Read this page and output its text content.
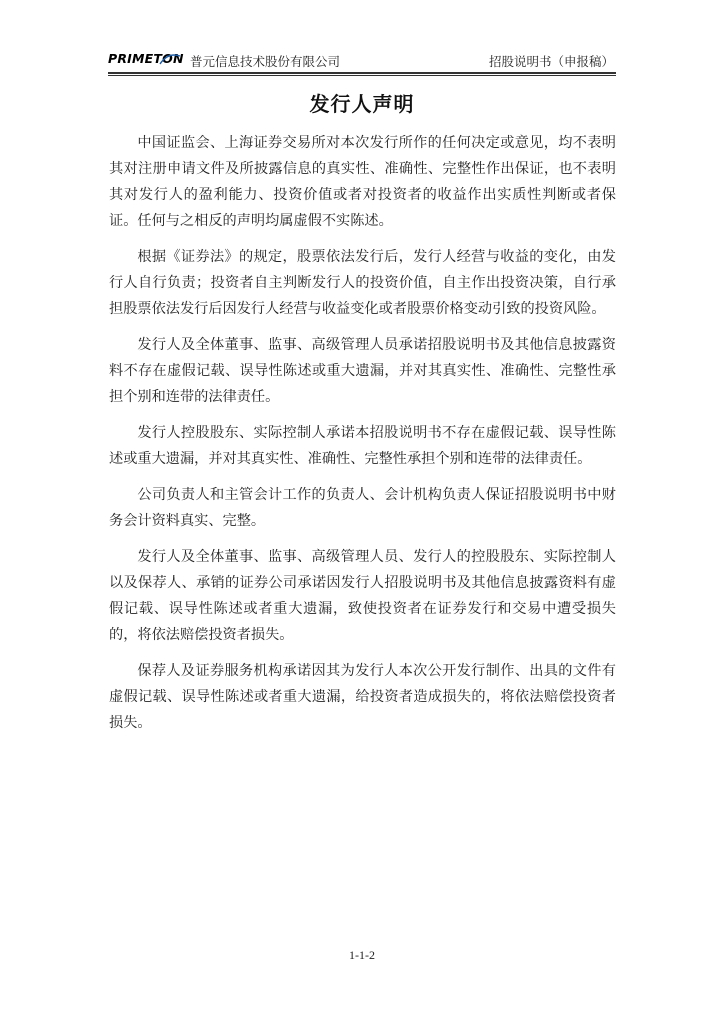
PRIMETON 普元信息技术股份有限公司	招股说明书（申报稿）
发行人声明

中国证监会、上海证券交易所对本次发行所作的任何决定或意见，均不表明其对注册申请文件及所披露信息的真实性、准确性、完整性作出保证，也不表明其对发行人的盈利能力、投资价值或者对投资者的收益作出实质性判断或者保证。任何与之相反的声明均属虚假不实陈述。

根据《证券法》的规定，股票依法发行后，发行人经营与收益的变化，由发行人自行负责；投资者自主判断发行人的投资价值，自主作出投资决策，自行承担股票依法发行后因发行人经营与收益变化或者股票价格变动引致的投资风险。

发行人及全体董事、监事、高级管理人员承诺招股说明书及其他信息披露资料不存在虚假记载、误导性陈述或重大遗漏，并对其真实性、准确性、完整性承担个别和连带的法律责任。

发行人控股股东、实际控制人承诺本招股说明书不存在虚假记载、误导性陈述或重大遗漏，并对其真实性、准确性、完整性承担个别和连带的法律责任。

公司负责人和主管会计工作的负责人、会计机构负责人保证招股说明书中财务会计资料真实、完整。

发行人及全体董事、监事、高级管理人员、发行人的控股股东、实际控制人以及保荐人、承销的证券公司承诺因发行人招股说明书及其他信息披露资料有虚假记载、误导性陈述或者重大遗漏，致使投资者在证券发行和交易中遭受损失的，将依法赔偿投资者损失。

保荐人及证券服务机构承诺因其为发行人本次公开发行制作、出具的文件有虚假记载、误导性陈述或者重大遗漏，给投资者造成损失的，将依法赔偿投资者损失。

1-1-2
